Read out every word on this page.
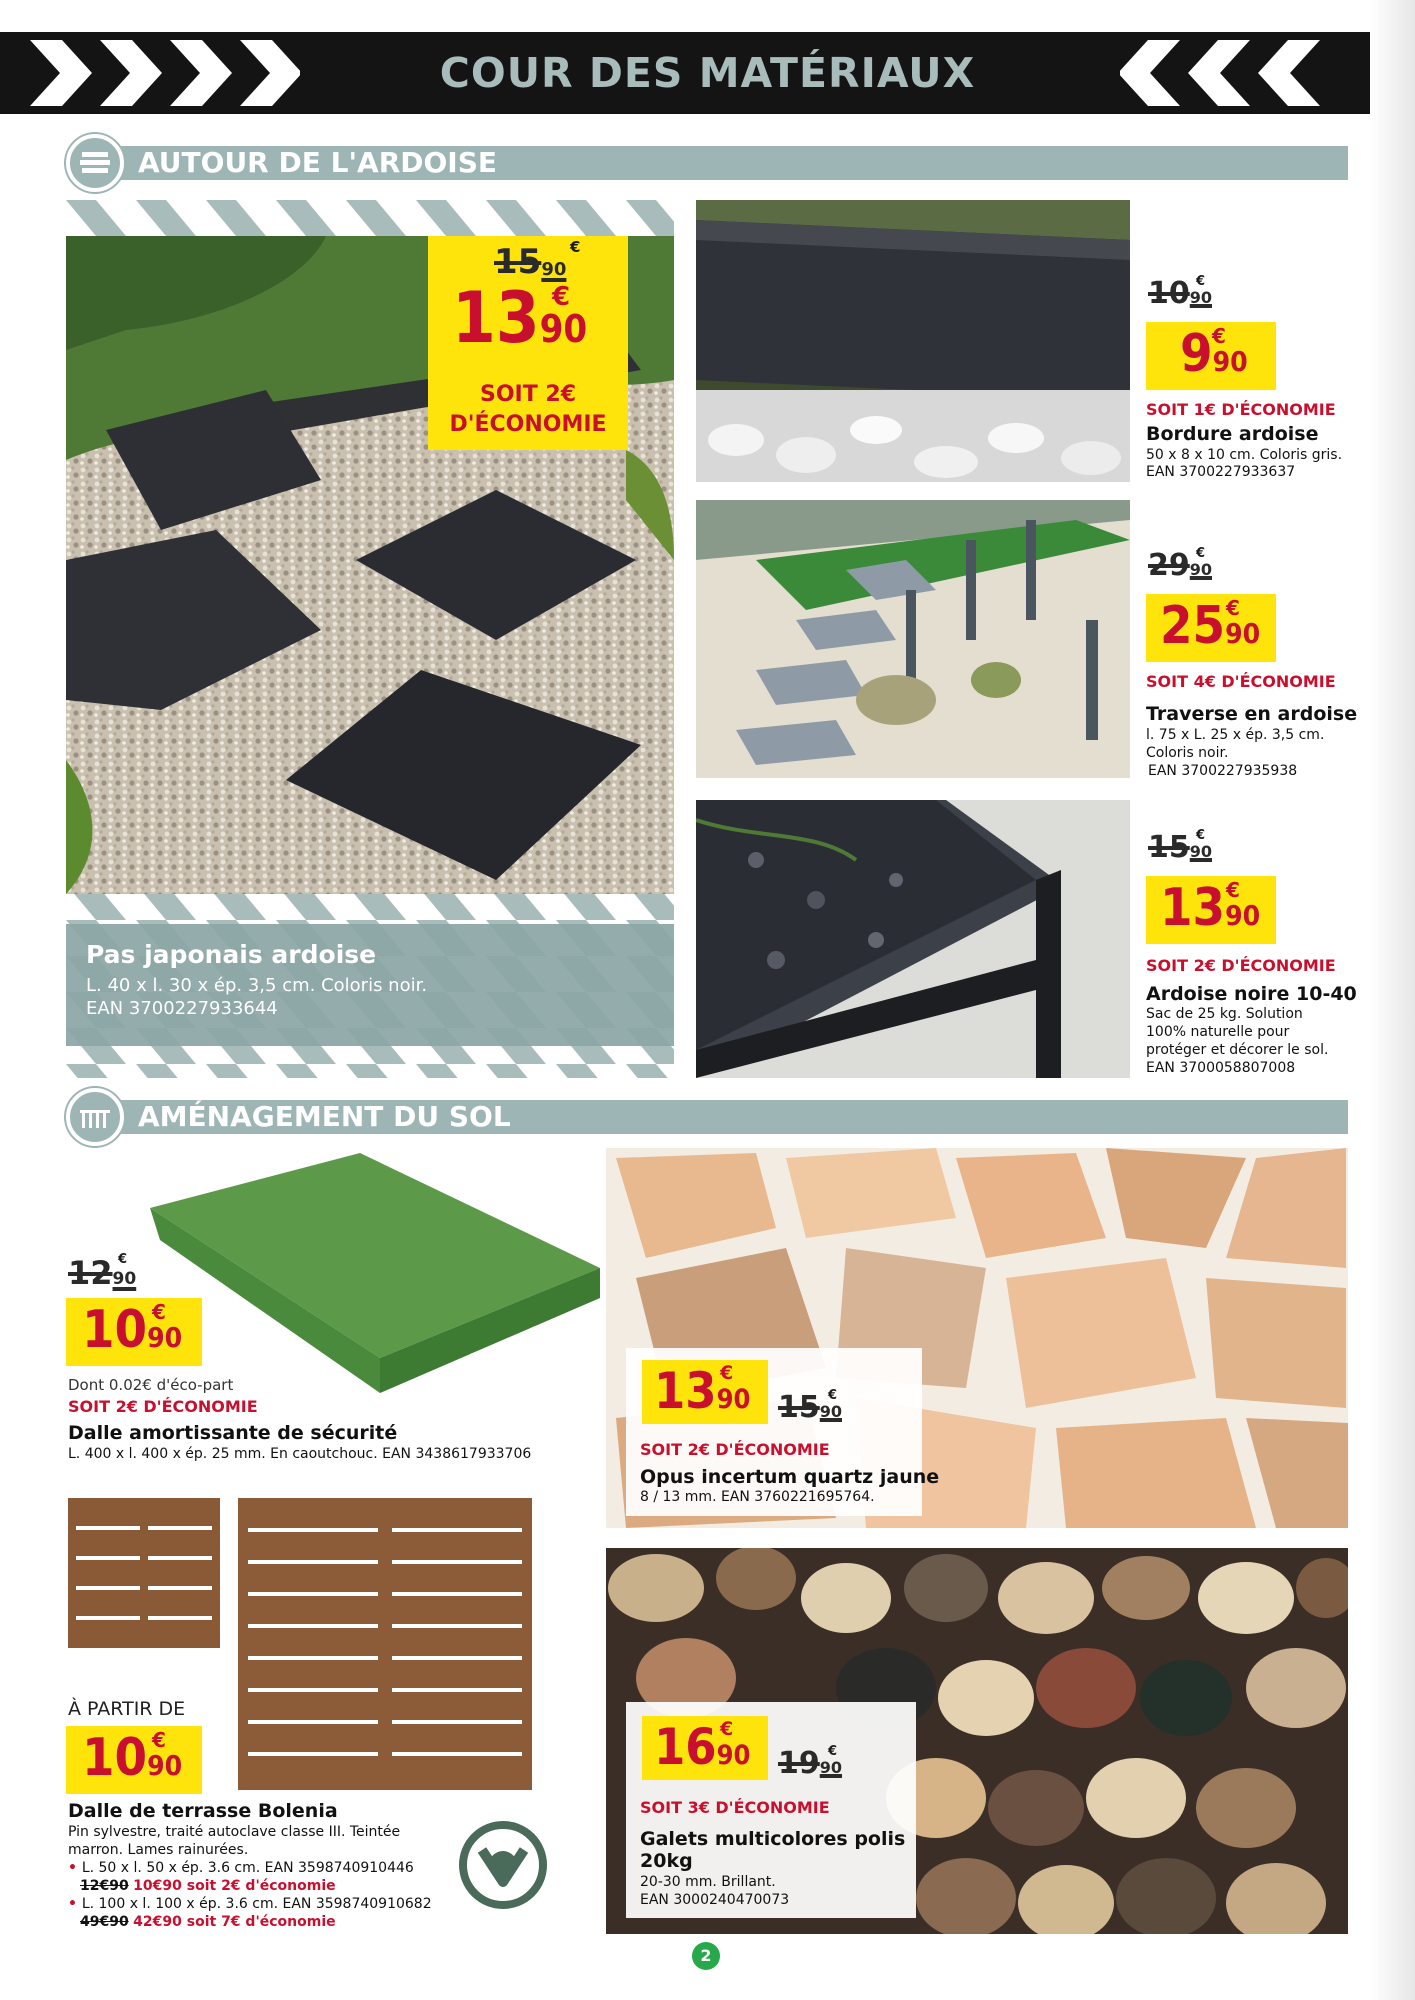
COUR DES MATÉRIAUX
AUTOUR DE L'ARDOISE
Pas japonais ardoise
L. 40 x l. 30 x ép. 3,5 cm. Coloris noir.
EAN 3700227933644
1590
€
1390
€
SOIT 2€
D'ÉCONOMIE
1090
€
990
€
SOIT 1€ D'ÉCONOMIE
Bordure ardoise
50 x 8 x 10 cm. Coloris gris.
EAN 3700227933637
2990
€
2590
€
SOIT 4€ D'ÉCONOMIE
Traverse en ardoise
l. 75 x L. 25 x ép. 3,5 cm.
Coloris noir.
EAN 3700227935938
1590
€
1390
€
SOIT 2€ D'ÉCONOMIE
Ardoise noire 10-40
Sac de 25 kg. Solution
100% naturelle pour
protéger et décorer le sol.
EAN 3700058807008
AMÉNAGEMENT DU SOL
1290
€
1090
€
Dont 0.02€ d'éco-part
SOIT 2€ D'ÉCONOMIE
Dalle amortissante de sécurité
L. 400 x l. 400 x ép. 25 mm. En caoutchouc. EAN 3438617933706
1390
€
1590
€
SOIT 2€ D'ÉCONOMIE
Opus incertum quartz jaune
8 / 13 mm. EAN 3760221695764.
À PARTIR DE
1090
€
Dalle de terrasse Bolenia
Pin sylvestre, traité autoclave classe III. Teintée
marron. Lames rainurées.
• L. 50 x l. 50 x ép. 3.6 cm. EAN 3598740910446
12€90 10€90 soit 2€ d'économie
• L. 100 x l. 100 x ép. 3.6 cm. EAN 3598740910682
49€90 42€90 soit 7€ d'économie
1690
€
1990
€
SOIT 3€ D'ÉCONOMIE
Galets multicolores polis
20kg
20-30 mm. Brillant.
EAN 3000240470073
2
